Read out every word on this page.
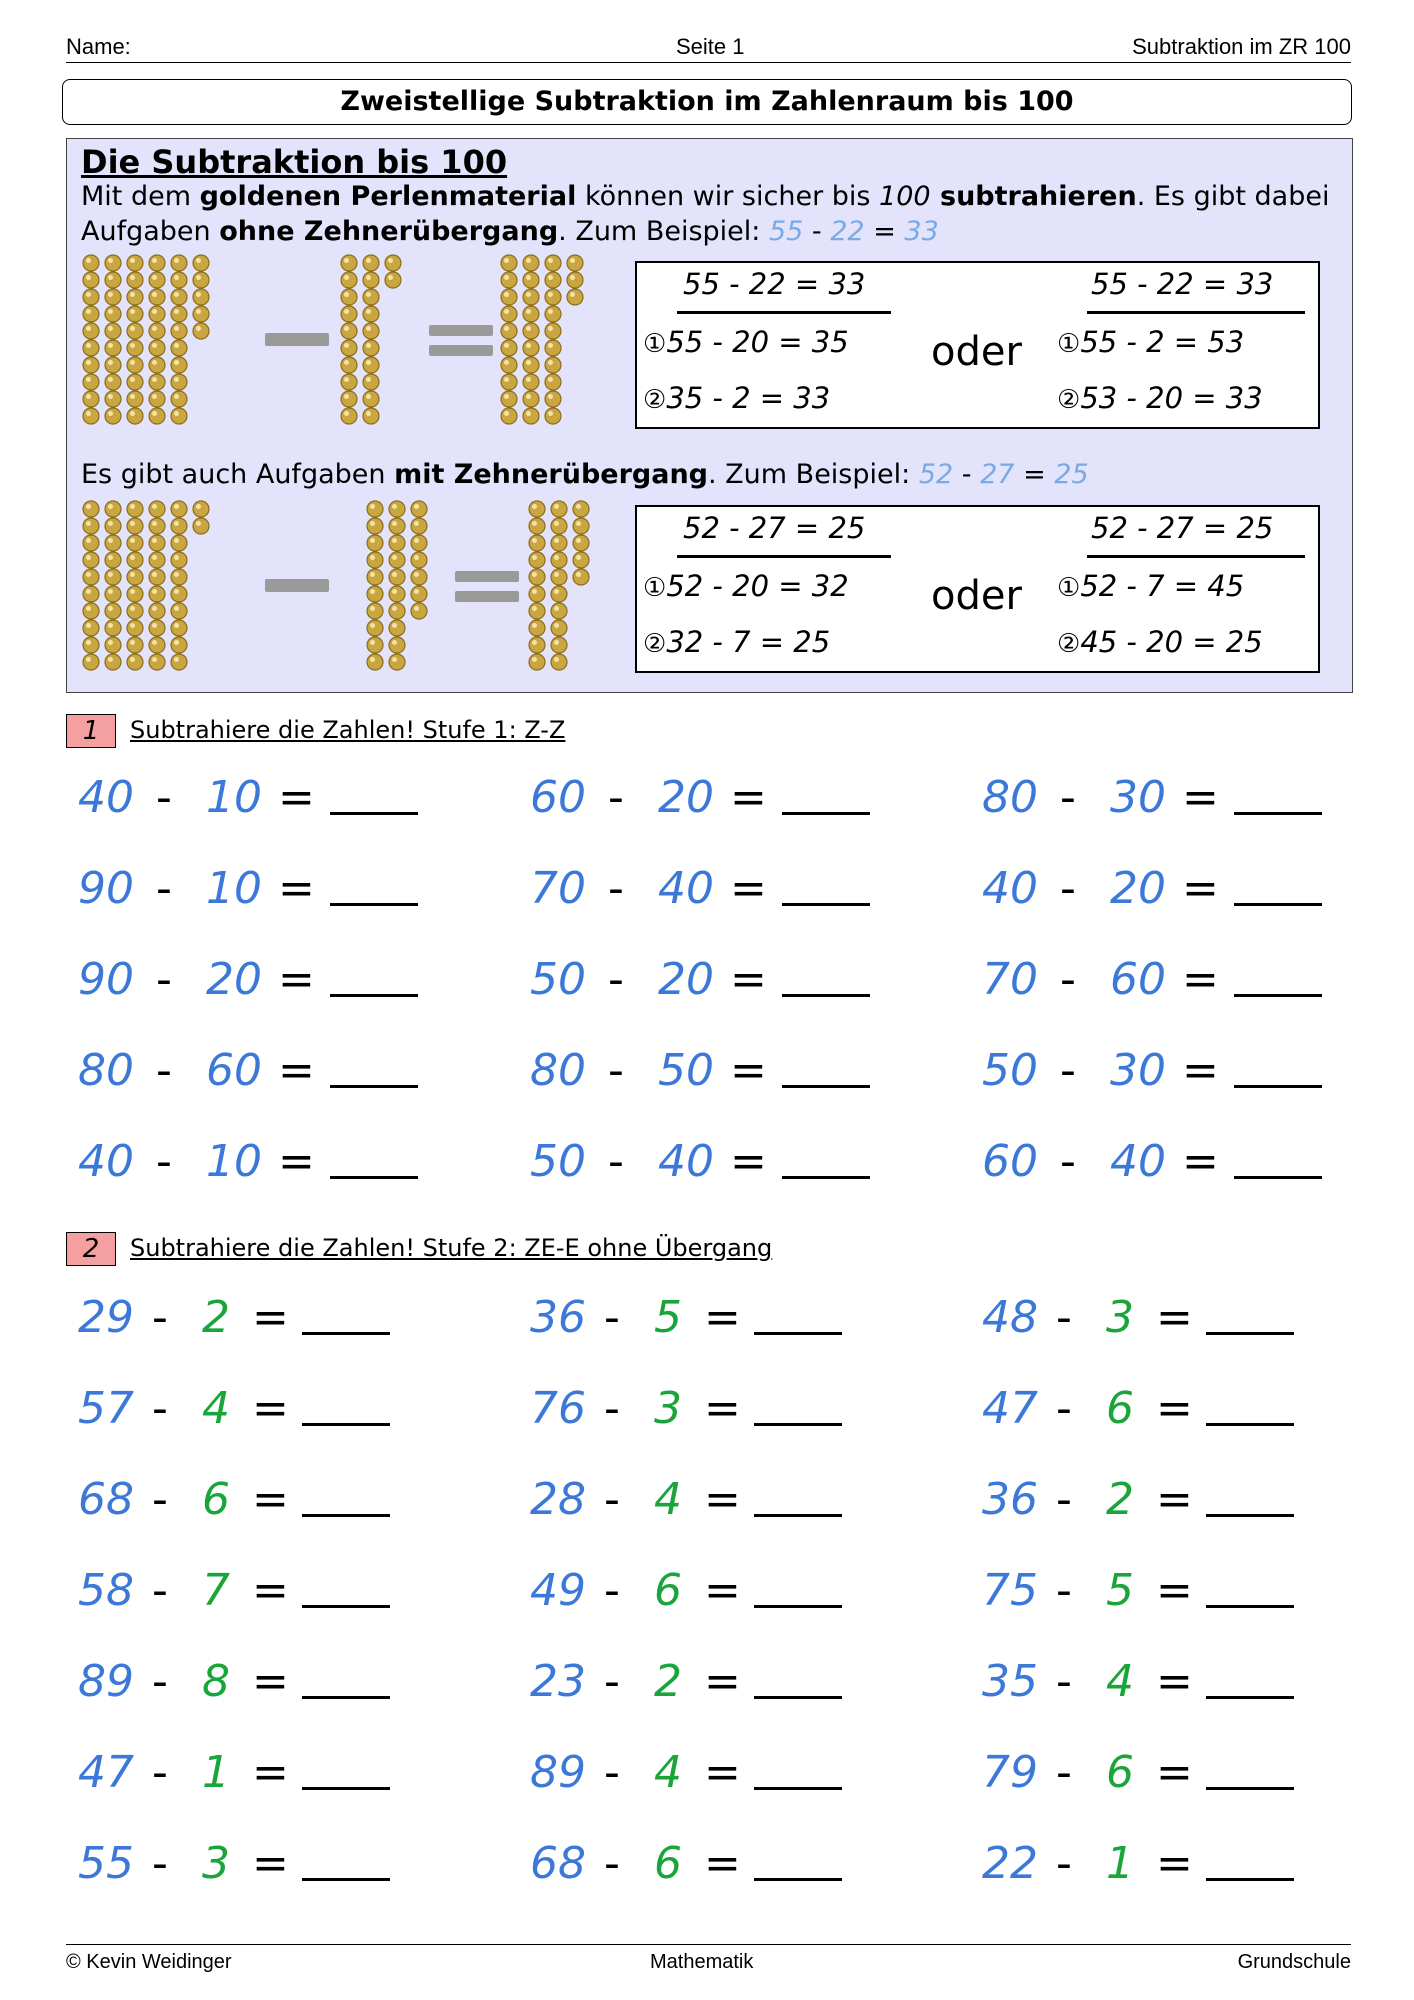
Name:	Seite 1	Subtraktion im ZR 100
Zweistellige Subtraktion im Zahlenraum bis 100
Die Subtraktion bis 100
Mit dem goldenen Perlenmaterial können wir sicher bis 100 subtrahieren. Es gibt dabei Aufgaben ohne Zehnerübergang. Zum Beispiel: 55 - 22 = 33
55 - 22 = 33
①55 - 20 = 35
②35 - 2 = 33
oder
55 - 22 = 33
①55 - 2 = 53
②53 - 20 = 33
Es gibt auch Aufgaben mit Zehnerübergang. Zum Beispiel: 52 - 27 = 25
52 - 27 = 25
①52 - 20 = 32
②32 - 7 = 25
oder
52 - 27 = 25
①52 - 7 = 45
②45 - 20 = 25
1	Subtrahiere die Zahlen! Stufe 1: Z-Z
40 - 10 =	60 - 20 =	80 - 30 =
90 - 10 =	70 - 40 =	40 - 20 =
90 - 20 =	50 - 20 =	70 - 60 =
80 - 60 =	80 - 50 =	50 - 30 =
40 - 10 =	50 - 40 =	60 - 40 =
2	Subtrahiere die Zahlen! Stufe 2: ZE-E ohne Übergang
29 - 2 =	36 - 5 =	48 - 3 =
57 - 4 =	76 - 3 =	47 - 6 =
68 - 6 =	28 - 4 =	36 - 2 =
58 - 7 =	49 - 6 =	75 - 5 =
89 - 8 =	23 - 2 =	35 - 4 =
47 - 1 =	89 - 4 =	79 - 6 =
55 - 3 =	68 - 6 =	22 - 1 =
© Kevin Weidinger	Mathematik	Grundschule
